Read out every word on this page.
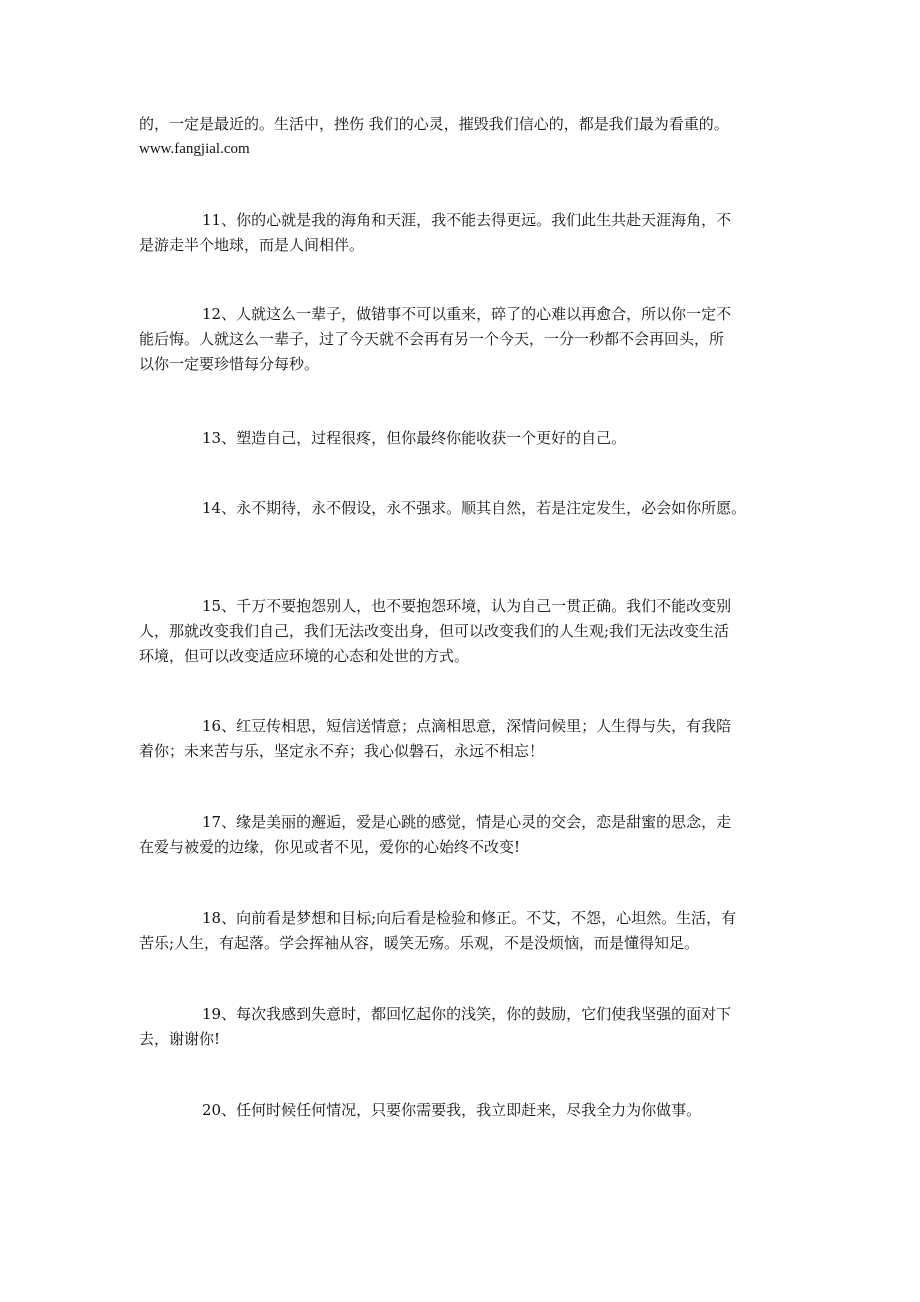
的，一定是最近的。生活中，挫伤 我们的心灵，摧毁我们信心的，都是我们最为看重的。
www.fangjial.com

11、你的心就是我的海角和天涯，我不能去得更远。我们此生共赴天涯海角，不
是游走半个地球，而是人间相伴。

12、人就这么一辈子，做错事不可以重来，碎了的心难以再愈合，所以你一定不
能后悔。人就这么一辈子，过了今天就不会再有另一个今天，一分一秒都不会再回头，所
以你一定要珍惜每分每秒。

13、塑造自己，过程很疼，但你最终你能收获一个更好的自己。

14、永不期待，永不假设，永不强求。顺其自然，若是注定发生，必会如你所愿。

15、千万不要抱怨别人，也不要抱怨环境，认为自己一贯正确。我们不能改变别
人，那就改变我们自己，我们无法改变出身，但可以改变我们的人生观;我们无法改变生活
环境，但可以改变适应环境的心态和处世的方式。

16、红豆传相思，短信送情意；点滴相思意，深情问候里；人生得与失，有我陪
着你；未来苦与乐，坚定永不弃；我心似磐石，永远不相忘！

17、缘是美丽的邂逅，爱是心跳的感觉，情是心灵的交会，恋是甜蜜的思念，走
在爱与被爱的边缘，你见或者不见，爱你的心始终不改变!

18、向前看是梦想和目标;向后看是检验和修正。不艾，不怨，心坦然。生活，有
苦乐;人生，有起落。学会挥袖从容，暖笑无殇。乐观，不是没烦恼，而是懂得知足。

19、每次我感到失意时，都回忆起你的浅笑，你的鼓励，它们使我坚强的面对下
去，谢谢你!

20、任何时候任何情况，只要你需要我，我立即赶来，尽我全力为你做事。
